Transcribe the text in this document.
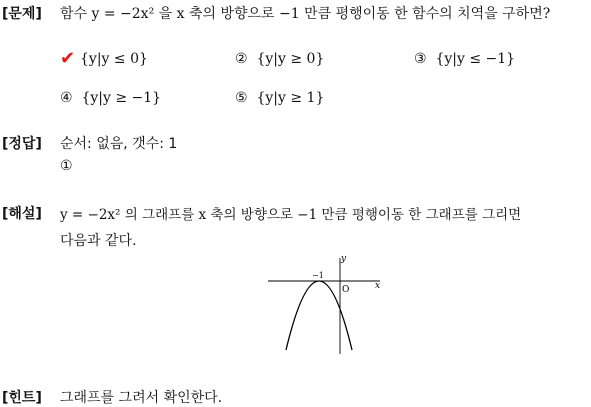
[문제] 함수 y = −2x² 을 x 축의 방향으로 −1 만큼 평행이동 한 함수의 치역을 구하면?
✔ {y|y ≤ 0}	② {y|y ≥ 0}	③ {y|y ≤ −1}
④ {y|y ≥ −1}	⑤ {y|y ≥ 1}
[정답] 순서: 없음, 갯수: 1
①
[해설] y = −2x² 의 그래프를 x 축의 방향으로 −1 만큼 평행이동 한 그래프를 그리면
다음과 같다.
y
x
O
−1
[힌트] 그래프를 그려서 확인한다.
